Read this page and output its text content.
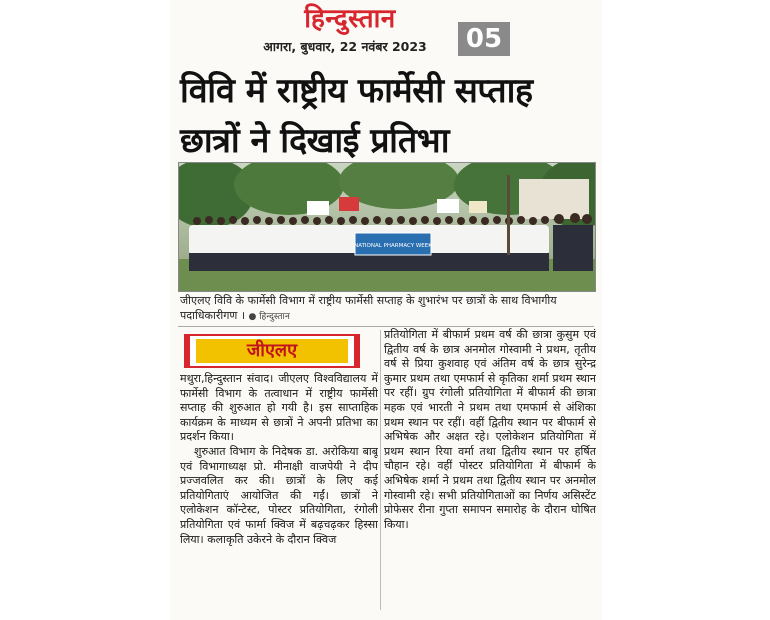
हिन्दुस्तान
आगरा, बुधवार, 22 नवंबर 2023	05
विवि में राष्ट्रीय फार्मेसी सप्ताह
छात्रों ने दिखाई प्रतिभा
NATIONAL PHARMACY WEEK
जीएलए विवि के फार्मेसी विभाग में राष्ट्रीय फार्मेसी सप्ताह के शुभारंभ पर छात्रों के साथ विभागीय पदाधिकारीगण । ● हिन्दुस्तान
जीएलए

मथुरा,हिन्दुस्तान संवाद। जीएलए विश्वविद्यालय में फार्मेसी विभाग के तत्वाधान में राष्ट्रीय फार्मेसी सप्ताह की शुरुआत हो गयी है। इस साप्ताहिक कार्यक्रम के माध्यम से छात्रों ने अपनी प्रतिभा का प्रदर्शन किया।

शुरुआत विभाग के निदेषक डा. अरोकिया बाबू एवं विभागाध्यक्ष प्रो. मीनाक्षी वाजपेयी ने दीप प्रज्जवलित कर की। छात्रों के लिए कई प्रतियोगिताएं आयोजित की गईं। छात्रों ने एलोकेशन कॉन्टेस्ट, पोस्टर प्रतियोगिता, रंगोली प्रतियोगिता एवं फार्मा क्विज में बढ़चढ़कर हिस्सा लिया। कलाकृति उकेरने के दौरान क्विज

प्रतियोगिता में बीफार्म प्रथम वर्ष की छात्रा कुसुम एवं द्वितीय वर्ष के छात्र अनमोल गोस्वामी ने प्रथम, तृतीय वर्ष से प्रिया कुशवाह एवं अंतिम वर्ष के छात्र सुरेन्द्र कुमार प्रथम तथा एमफार्म से कृतिका शर्मा प्रथम स्थान पर रहीं। ग्रुप रंगोली प्रतियोगिता में बीफार्म की छात्रा महक एवं भारती ने प्रथम तथा एमफार्म से अंशिका प्रथम स्थान पर रहीं। वहीं द्वितीय स्थान पर बीफार्म से अभिषेक और अक्षत रहे। एलोकेशन प्रतियोगिता में प्रथम स्थान रिया वर्मा तथा द्वितीय स्थान पर हर्षित चौहान रहे। वहीं पोस्टर प्रतियोगिता में बीफार्म के अभिषेक शर्मा ने प्रथम तथा द्वितीय स्थान पर अनमोल गोस्वामी रहे। सभी प्रतियोगिताओं का निर्णय असिस्टेंट प्रोफेसर रीना गुप्ता समापन समारोह के दौरान घोषित किया।
